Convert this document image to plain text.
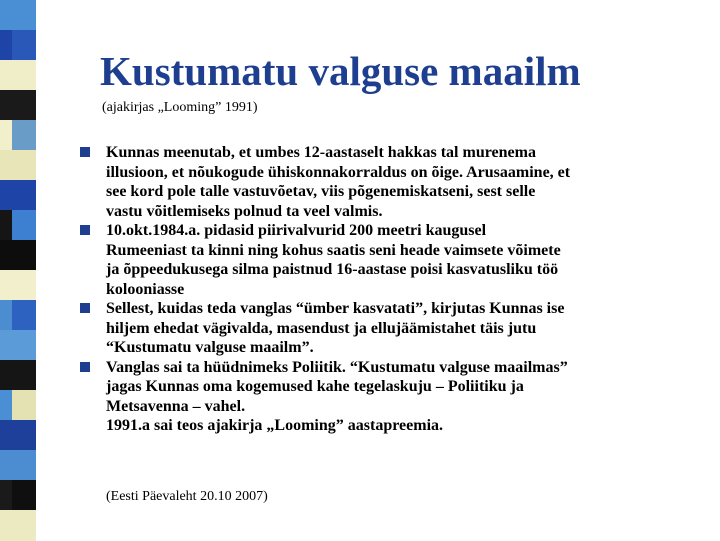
Kustumatu valguse maailm
(ajakirjas „Looming” 1991)
Kunnas meenutab, et umbes 12-aastaselt hakkas tal murenema
illusioon, et nõukogude ühiskonnakorraldus on õige. Arusaamine, et
see kord pole talle vastuvõetav, viis põgenemiskatseni, sest selle
vastu võitlemiseks polnud ta veel valmis.
10.okt.1984.a. pidasid piirivalvurid 200 meetri kaugusel
Rumeeniast ta kinni ning kohus saatis seni heade vaimsete võimete
ja õppeedukusega silma paistnud 16-aastase poisi kasvatusliku töö
kolooniasse
Sellest, kuidas teda vanglas “ümber kasvatati”, kirjutas Kunnas ise
hiljem ehedat vägivalda, masendust ja ellujäämistahet täis jutu
“Kustumatu valguse maailm”.
Vanglas sai ta hüüdnimeks Poliitik. “Kustumatu valguse maailmas”
jagas Kunnas oma kogemused kahe tegelaskuju – Poliitiku ja
Metsavenna – vahel.
1991.a sai teos ajakirja „Looming” aastapreemia.
(Eesti Päevaleht 20.10 2007)
